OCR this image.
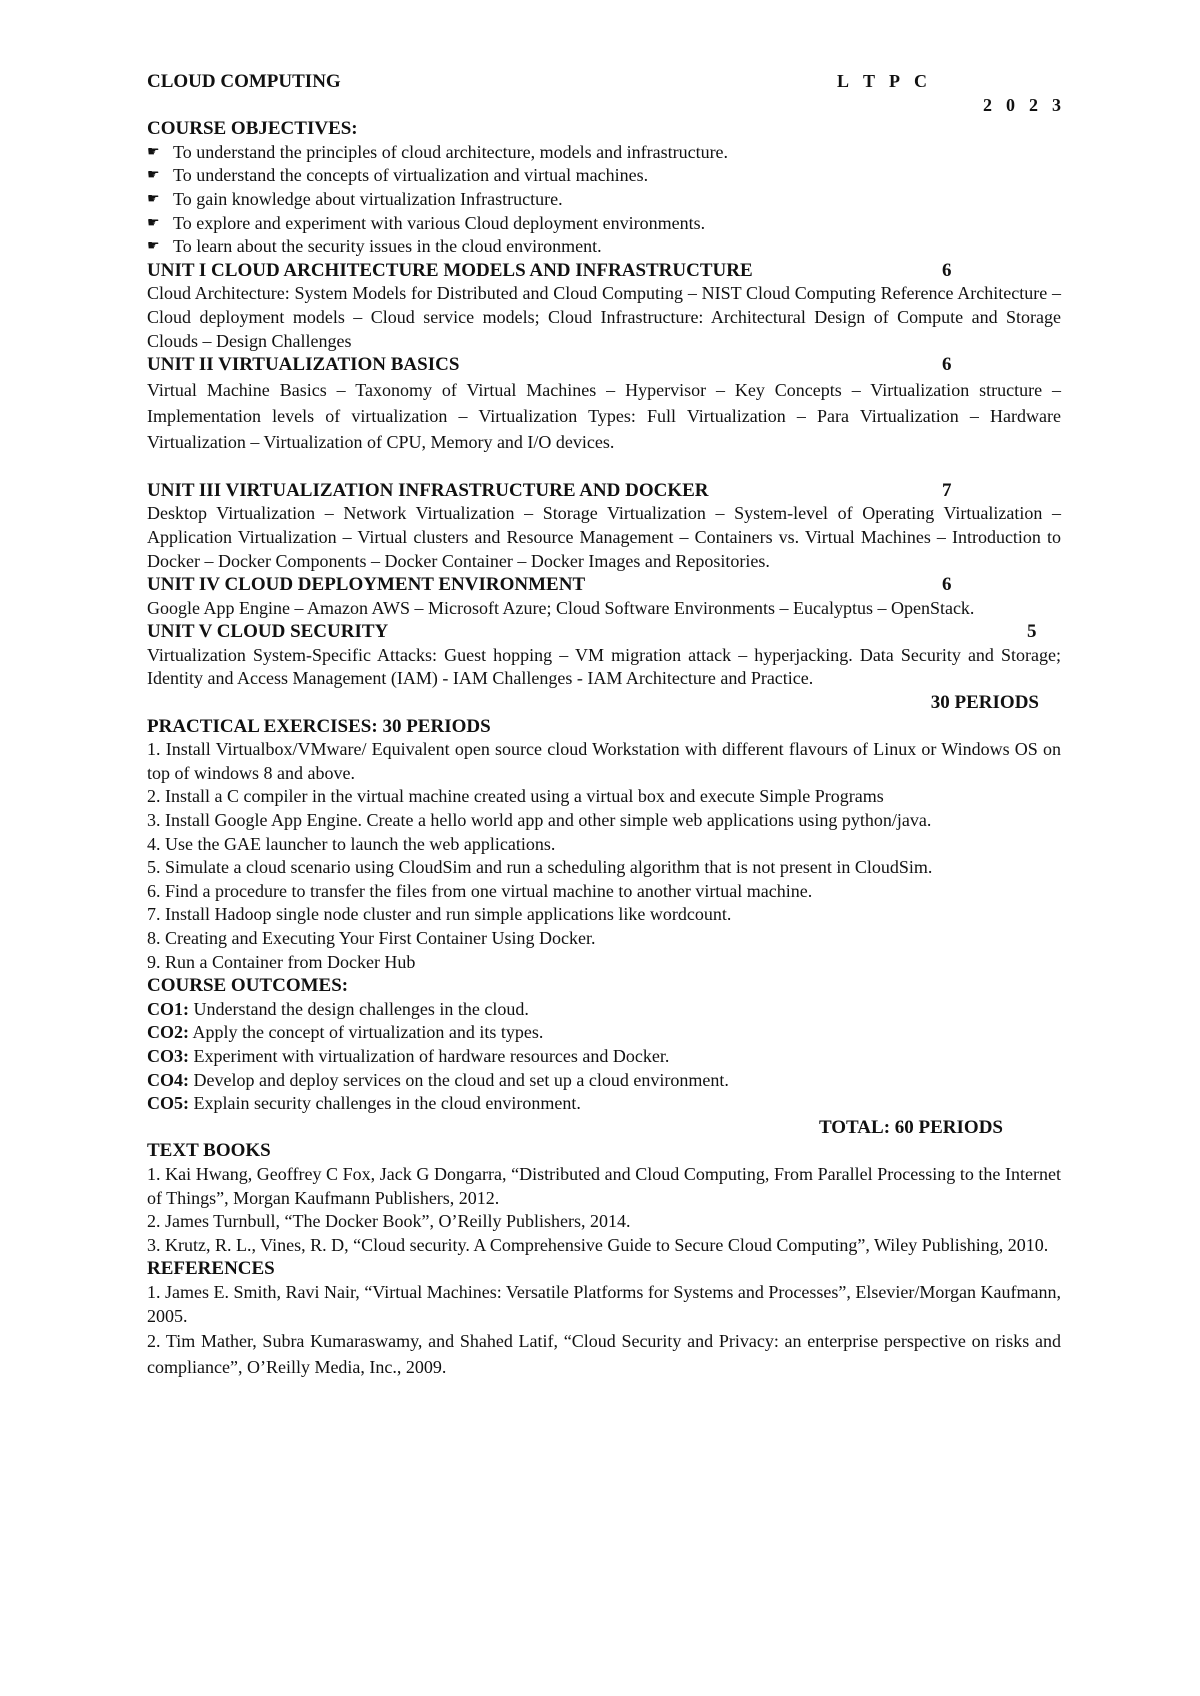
CLOUD COMPUTING	L T P C
2 0 2 3
COURSE OBJECTIVES:
☛ To understand the principles of cloud architecture, models and infrastructure.
☛ To understand the concepts of virtualization and virtual machines.
☛ To gain knowledge about virtualization Infrastructure.
☛ To explore and experiment with various Cloud deployment environments.
☛ To learn about the security issues in the cloud environment.
UNIT I CLOUD ARCHITECTURE MODELS AND INFRASTRUCTURE	6
Cloud Architecture: System Models for Distributed and Cloud Computing – NIST Cloud Computing Reference Architecture – Cloud deployment models – Cloud service models; Cloud Infrastructure: Architectural Design of Compute and Storage Clouds – Design Challenges
UNIT II VIRTUALIZATION BASICS	6
Virtual Machine Basics – Taxonomy of Virtual Machines – Hypervisor – Key Concepts – Virtualization structure – Implementation levels of virtualization – Virtualization Types: Full Virtualization – Para Virtualization – Hardware Virtualization – Virtualization of CPU, Memory and I/O devices.
UNIT III VIRTUALIZATION INFRASTRUCTURE AND DOCKER	7
Desktop Virtualization – Network Virtualization – Storage Virtualization – System-level of Operating Virtualization – Application Virtualization – Virtual clusters and Resource Management – Containers vs. Virtual Machines – Introduction to Docker – Docker Components – Docker Container – Docker Images and Repositories.
UNIT IV CLOUD DEPLOYMENT ENVIRONMENT	6
Google App Engine – Amazon AWS – Microsoft Azure; Cloud Software Environments – Eucalyptus – OpenStack.
UNIT V CLOUD SECURITY	5
Virtualization System-Specific Attacks: Guest hopping – VM migration attack – hyperjacking. Data Security and Storage; Identity and Access Management (IAM) - IAM Challenges - IAM Architecture and Practice.
30 PERIODS
PRACTICAL EXERCISES: 30 PERIODS
1. Install Virtualbox/VMware/ Equivalent open source cloud Workstation with different flavours of Linux or Windows OS on top of windows 8 and above.
2. Install a C compiler in the virtual machine created using a virtual box and execute Simple Programs
3. Install Google App Engine. Create a hello world app and other simple web applications using python/java.
4. Use the GAE launcher to launch the web applications.
5. Simulate a cloud scenario using CloudSim and run a scheduling algorithm that is not present in CloudSim.
6. Find a procedure to transfer the files from one virtual machine to another virtual machine.
7. Install Hadoop single node cluster and run simple applications like wordcount.
8. Creating and Executing Your First Container Using Docker.
9. Run a Container from Docker Hub
COURSE OUTCOMES:
CO1: Understand the design challenges in the cloud.
CO2: Apply the concept of virtualization and its types.
CO3: Experiment with virtualization of hardware resources and Docker.
CO4: Develop and deploy services on the cloud and set up a cloud environment.
CO5: Explain security challenges in the cloud environment.
TOTAL: 60 PERIODS
TEXT BOOKS
1. Kai Hwang, Geoffrey C Fox, Jack G Dongarra, “Distributed and Cloud Computing, From Parallel Processing to the Internet of Things”, Morgan Kaufmann Publishers, 2012.
2. James Turnbull, “The Docker Book”, O’Reilly Publishers, 2014.
3. Krutz, R. L., Vines, R. D, “Cloud security. A Comprehensive Guide to Secure Cloud Computing”, Wiley Publishing, 2010.
REFERENCES
1. James E. Smith, Ravi Nair, “Virtual Machines: Versatile Platforms for Systems and Processes”, Elsevier/Morgan Kaufmann, 2005.
2. Tim Mather, Subra Kumaraswamy, and Shahed Latif, “Cloud Security and Privacy: an enterprise perspective on risks and compliance”, O’Reilly Media, Inc., 2009.
